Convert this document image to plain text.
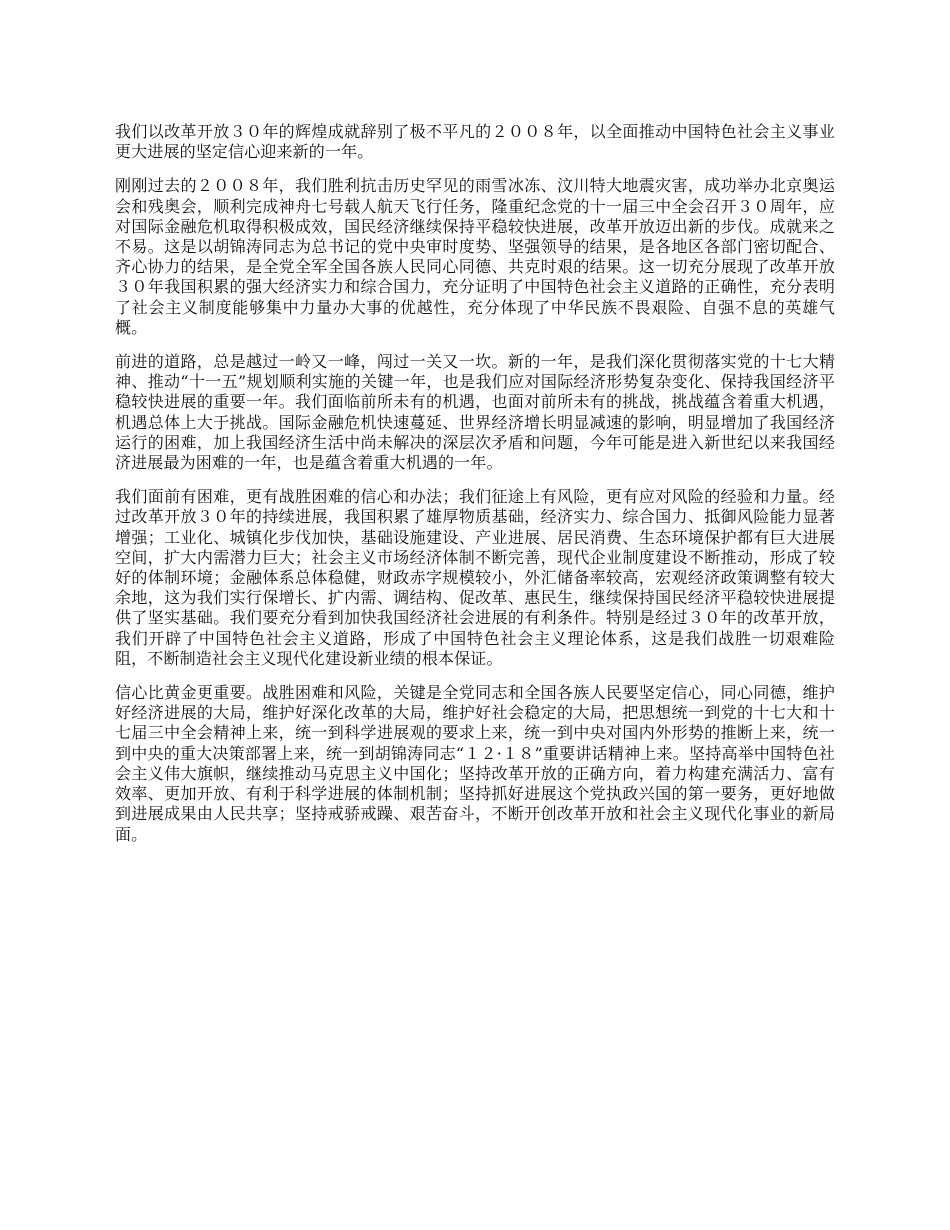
我们以改革开放３０年的辉煌成就辞别了极不平凡的２００８年，以全面推动中国特色社会主义事业更大进展的坚定信心迎来新的一年。

刚刚过去的２００８年，我们胜利抗击历史罕见的雨雪冰冻、汶川特大地震灾害，成功举办北京奥运会和残奥会，顺利完成神舟七号载人航天飞行任务，隆重纪念党的十一届三中全会召开３０周年，应对国际金融危机取得积极成效，国民经济继续保持平稳较快进展，改革开放迈出新的步伐。成就来之不易。这是以胡锦涛同志为总书记的党中央审时度势、坚强领导的结果，是各地区各部门密切配合、齐心协力的结果，是全党全军全国各族人民同心同德、共克时艰的结果。这一切充分展现了改革开放３０年我国积累的强大经济实力和综合国力，充分证明了中国特色社会主义道路的正确性，充分表明了社会主义制度能够集中力量办大事的优越性，充分体现了中华民族不畏艰险、自强不息的英雄气概。

前进的道路，总是越过一岭又一峰，闯过一关又一坎。新的一年，是我们深化贯彻落实党的十七大精神、推动“十一五”规划顺利实施的关键一年，也是我们应对国际经济形势复杂变化、保持我国经济平稳较快进展的重要一年。我们面临前所未有的机遇，也面对前所未有的挑战，挑战蕴含着重大机遇，机遇总体上大于挑战。国际金融危机快速蔓延、世界经济增长明显减速的影响，明显增加了我国经济运行的困难，加上我国经济生活中尚未解决的深层次矛盾和问题，今年可能是进入新世纪以来我国经济进展最为困难的一年，也是蕴含着重大机遇的一年。

我们面前有困难，更有战胜困难的信心和办法；我们征途上有风险，更有应对风险的经验和力量。经过改革开放３０年的持续进展，我国积累了雄厚物质基础，经济实力、综合国力、抵御风险能力显著增强；工业化、城镇化步伐加快，基础设施建设、产业进展、居民消费、生态环境保护都有巨大进展空间，扩大内需潜力巨大；社会主义市场经济体制不断完善，现代企业制度建设不断推动，形成了较好的体制环境；金融体系总体稳健，财政赤字规模较小，外汇储备率较高，宏观经济政策调整有较大余地，这为我们实行保增长、扩内需、调结构、促改革、惠民生，继续保持国民经济平稳较快进展提供了坚实基础。我们要充分看到加快我国经济社会进展的有利条件。特别是经过３０年的改革开放，我们开辟了中国特色社会主义道路，形成了中国特色社会主义理论体系，这是我们战胜一切艰难险阻，不断制造社会主义现代化建设新业绩的根本保证。

信心比黄金更重要。战胜困难和风险，关键是全党同志和全国各族人民要坚定信心，同心同德，维护好经济进展的大局，维护好深化改革的大局，维护好社会稳定的大局，把思想统一到党的十七大和十七届三中全会精神上来，统一到科学进展观的要求上来，统一到中央对国内外形势的推断上来，统一到中央的重大决策部署上来，统一到胡锦涛同志“１２·１８”重要讲话精神上来。坚持高举中国特色社会主义伟大旗帜，继续推动马克思主义中国化；坚持改革开放的正确方向，着力构建充满活力、富有效率、更加开放、有利于科学进展的体制机制；坚持抓好进展这个党执政兴国的第一要务，更好地做到进展成果由人民共享；坚持戒骄戒躁、艰苦奋斗，不断开创改革开放和社会主义现代化事业的新局面。
